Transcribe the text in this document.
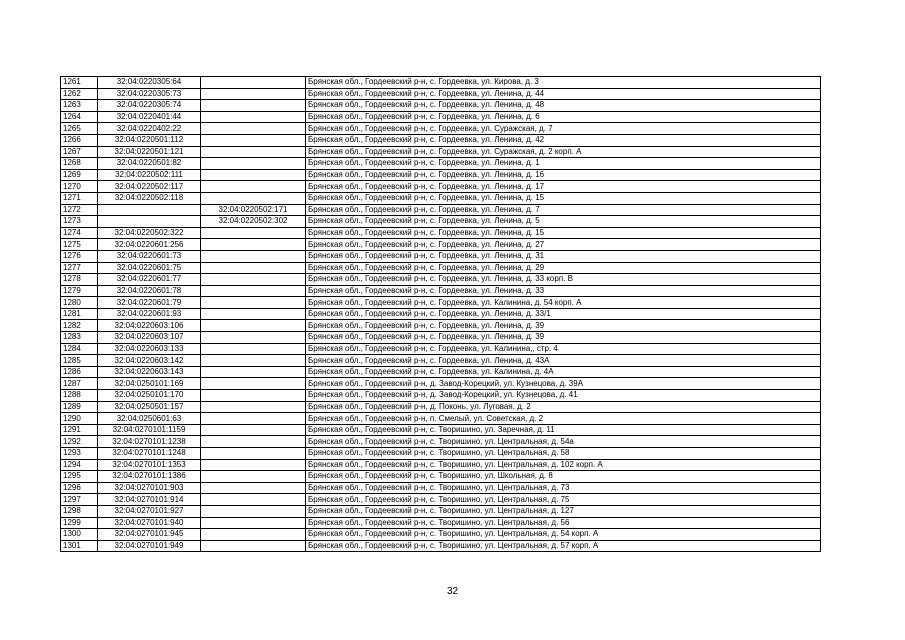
1261	32:04:0220305:64		Брянская обл., Гордеевский р-н, с. Гордеевка, ул. Кирова, д. 3
1262	32:04:0220305:73		Брянская обл., Гордеевский р-н, с. Гордеевка, ул. Ленина, д. 44
1263	32:04:0220305:74		Брянская обл., Гордеевский р-н, с. Гордеевка, ул. Ленина, д. 48
1264	32:04:0220401:44		Брянская обл., Гордеевский р-н, с. Гордеевка, ул. Ленина, д. 6
1265	32:04:0220402:22		Брянская обл., Гордеевский р-н, с. Гордеевка, ул. Суражская, д. 7
1266	32:04:0220501:112		Брянская обл., Гордеевский р-н, с. Гордеевка, ул. Ленина, д. 42
1267	32:04:0220501:121		Брянская обл., Гордеевский р-н, с. Гордеевка, ул. Суражская, д. 2 корп. А
1268	32:04:0220501:82		Брянская обл., Гордеевский р-н, с. Гордеевка, ул. Ленина, д. 1
1269	32:04:0220502:111		Брянская обл., Гордеевский р-н, с. Гордеевка, ул. Ленина, д. 16
1270	32:04:0220502:117		Брянская обл., Гордеевский р-н, с. Гордеевка, ул. Ленина, д. 17
1271	32:04:0220502:118		Брянская обл., Гордеевский р-н, с. Гордеевка, ул. Ленина, д. 15
1272		32:04:0220502:171	Брянская обл., Гордеевский р-н, с. Гордеевка, ул. Ленина, д. 7
1273		32:04:0220502:302	Брянская обл., Гордеевский р-н, с. Гордеевка, ул. Ленина, д. 5
1274	32:04:0220502:322		Брянская обл., Гордеевский р-н, с. Гордеевка, ул. Ленина, д. 15
1275	32:04:0220601:256		Брянская обл., Гордеевский р-н, с. Гордеевка, ул. Ленина, д. 27
1276	32:04:0220601:73		Брянская обл., Гордеевский р-н, с. Гордеевка, ул. Ленина, д. 31
1277	32:04:0220601:75		Брянская обл., Гордеевский р-н, с. Гордеевка, ул. Ленина, д. 29
1278	32:04:0220601:77		Брянская обл., Гордеевский р-н, с. Гордеевка, ул. Ленина, д. 33 корп. В
1279	32:04:0220601:78		Брянская обл., Гордеевский р-н, с. Гордеевка, ул. Ленина, д. 33
1280	32:04:0220601:79		Брянская обл., Гордеевский р-н, с. Гордеевка, ул. Калинина, д. 54 корп. А
1281	32:04:0220601:93		Брянская обл., Гордеевский р-н, с. Гордеевка, ул. Ленина, д. 33/1
1282	32:04:0220603:106		Брянская обл., Гордеевский р-н, с. Гордеевка, ул. Ленина, д. 39
1283	32:04:0220603:107		Брянская обл., Гордеевский р-н, с. Гордеевка, ул. Ленина, д. 39
1284	32:04:0220603:133		Брянская обл., Гордеевский р-н, с. Гордеевка, ул. Калинина,, стр. 4
1285	32:04:0220603:142		Брянская обл., Гордеевский р-н, с. Гордеевка, ул. Ленина, д. 43А
1286	32:04:0220603:143		Брянская обл., Гордеевский р-н, с. Гордеевка, ул. Калинина, д. 4А
1287	32:04:0250101:169		Брянская обл., Гордеевский р-н, д. Завод-Корецкий, ул. Кузнецова, д. 39А
1288	32:04:0250101:170		Брянская обл., Гордеевский р-н, д. Завод-Корецкий, ул. Кузнецова, д. 41
1289	32:04:0250501:157		Брянская обл., Гордеевский р-н, д. Поконь, ул. Луговая, д. 2
1290	32:04:0250601:63		Брянская обл., Гордеевский р-н, п. Смелый, ул. Советская, д. 2
1291	32:04:0270101:1159		Брянская обл., Гордеевский р-н, с. Творишино, ул. Заречная, д. 11
1292	32:04:0270101:1238		Брянская обл., Гордеевский р-н, с. Творишино, ул. Центральная, д. 54а
1293	32:04:0270101:1248		Брянская обл., Гордеевский р-н, с. Творишино, ул. Центральная, д. 58
1294	32:04:0270101:1353		Брянская обл., Гордеевский р-н, с. Творишино, ул. Центральная, д. 102 корп. А
1295	32:04:0270101:1386		Брянская обл., Гордеевский р-н, с. Творишино, ул. Школьная, д. 8
1296	32:04:0270101:903		Брянская обл., Гордеевский р-н, с. Творишино, ул. Центральная, д. 73
1297	32:04:0270101:914		Брянская обл., Гордеевский р-н, с. Творишино, ул. Центральная, д. 75
1298	32:04:0270101:927		Брянская обл., Гордеевский р-н, с. Творишино, ул. Центральная, д. 127
1299	32:04:0270101:940		Брянская обл., Гордеевский р-н, с. Творишино, ул. Центральная, д. 56
1300	32:04:0270101:945		Брянская обл., Гордеевский р-н, с. Творишино, ул. Центральная, д. 54 корп. А
1301	32:04:0270101:949		Брянская обл., Гордеевский р-н, с. Творишино, ул. Центральная, д. 57 корп. А
32
